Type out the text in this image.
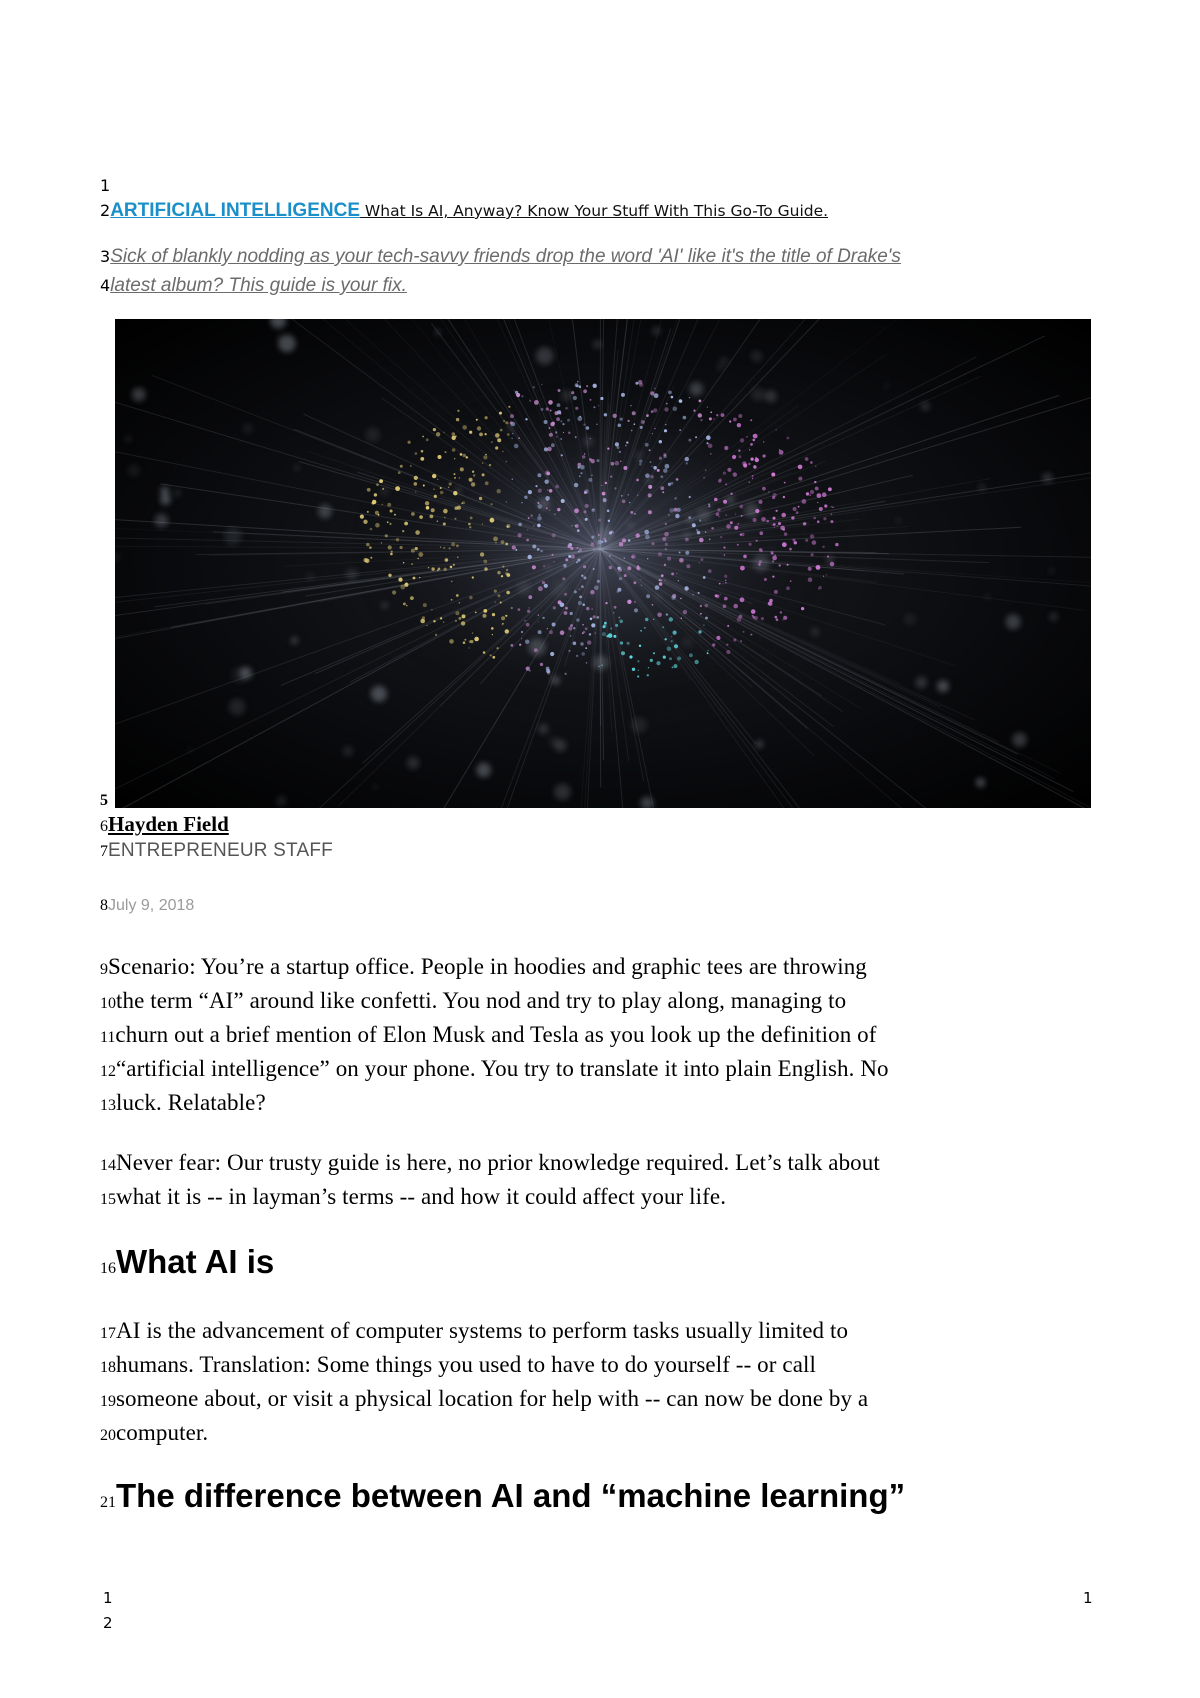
1
2ARTIFICIAL INTELLIGENCE What Is AI, Anyway? Know Your Stuff With This Go-To Guide.
3Sick of blankly nodding as your tech-savvy friends drop the word 'AI' like it's the title of Drake's
4latest album? This guide is your fix.
5
6Hayden Field
7ENTREPRENEUR STAFF
8July 9, 2018
9Scenario: You’re a startup office. People in hoodies and graphic tees are throwing
10the term “AI” around like confetti. You nod and try to play along, managing to
11churn out a brief mention of Elon Musk and Tesla as you look up the definition of
12“artificial intelligence” on your phone. You try to translate it into plain English. No
13luck. Relatable?
14Never fear: Our trusty guide is here, no prior knowledge required. Let’s talk about
15what it is -- in layman’s terms -- and how it could affect your life.
16What AI is
17AI is the advancement of computer systems to perform tasks usually limited to
18humans. Translation: Some things you used to have to do yourself -- or call
19someone about, or visit a physical location for help with -- can now be done by a
20computer.
21The difference between AI and “machine learning”
1
2
1
